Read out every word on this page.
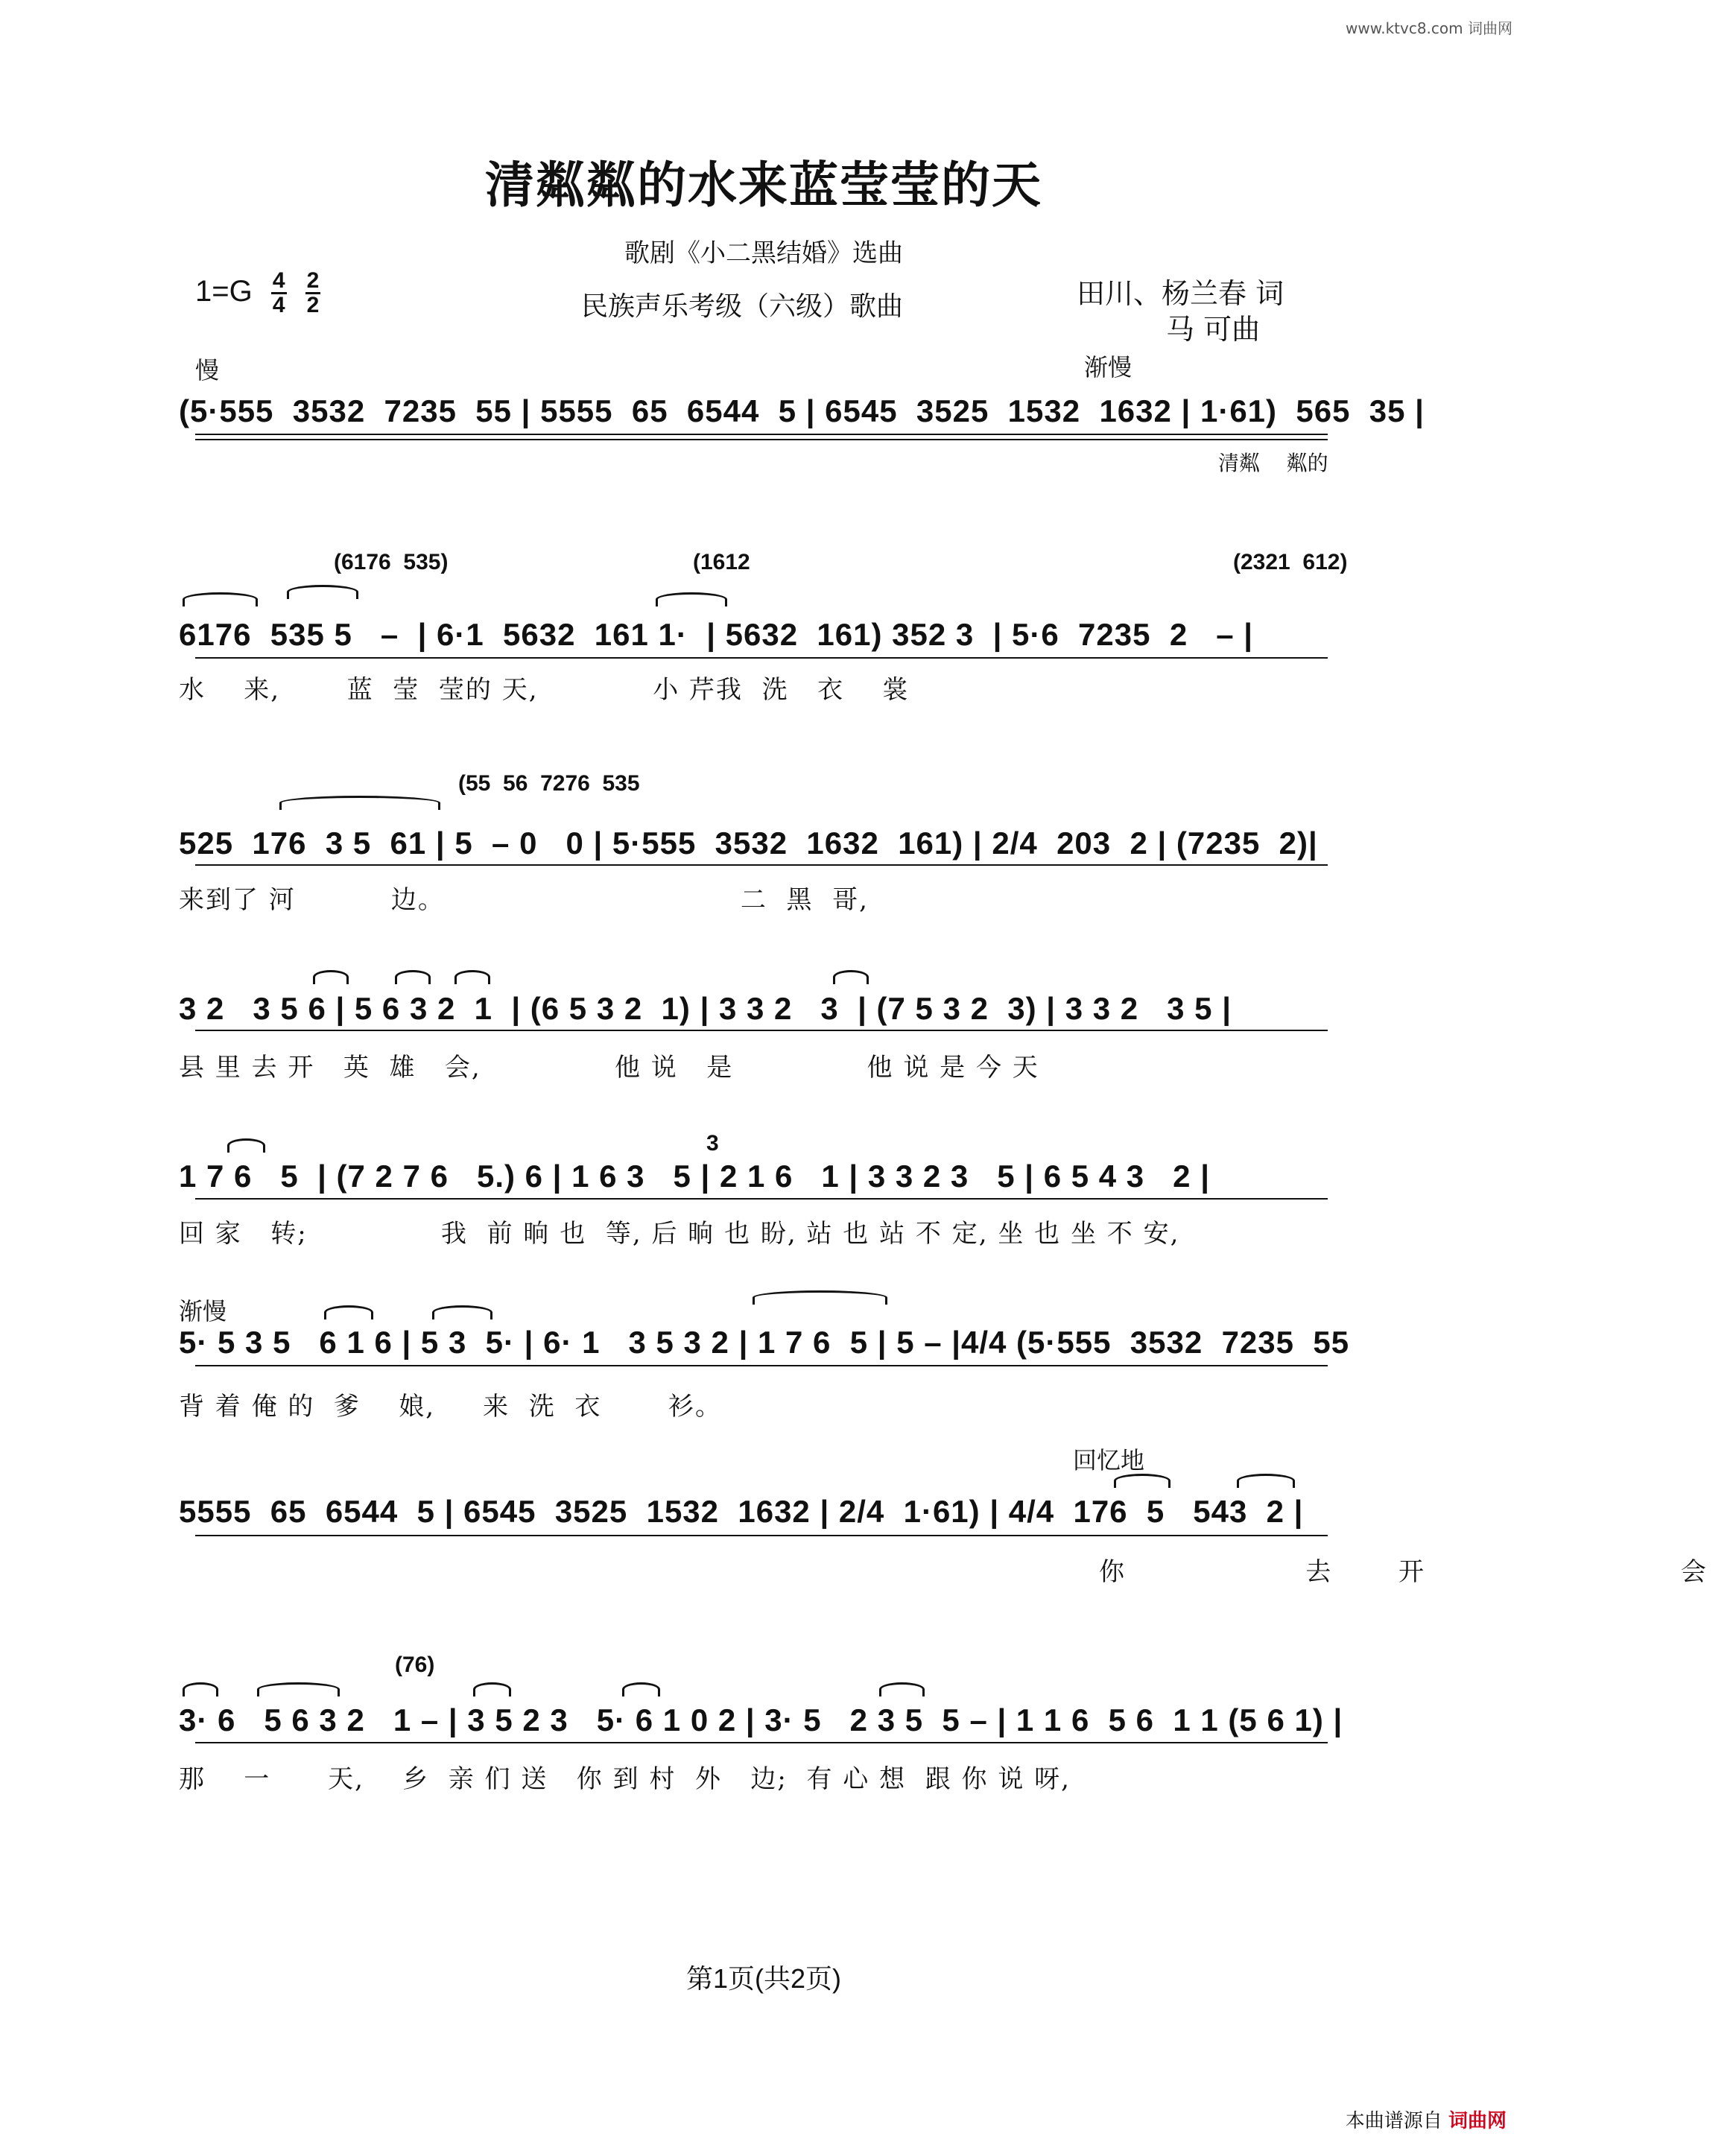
www.ktvc8.com 词曲网
清粼粼的水来蓝莹莹的天
歌剧《小二黑结婚》选曲
$1=G \frac{4}{4}$
$\frac{2}{2}$	民族声乐考级（六级）歌曲	田川、杨兰春 词
马 可曲
慢	渐慢
(5·555  3532  7235  55 | 5555  65  6544  5 | 6545  3525  1532  1632 | 1·61)  565  35 |
清粼    粼的
(6176  535)	(1612	(2321  612)
6176  535 5   –  | 6·1  5632  161 1·  | 5632  161) 352 3  | 5·6  7235  2   – |
水    来,       蓝  莹  莹的 天,            小 芹我  洗   衣    裳
(55  56  7276  535
525  176  3 5  61 | 5  – 0   0 | 5·555  3532  1632  161) | 2/4  203  2 | (7235  2)|
来到了 河          边。                               二  黑  哥,
3 2   3 5 6 | 5 6 3 2  1  | (6 5 3 2  1) | 3 3 2   3  | (7 5 3 2  3) | 3 3 2   3 5 |
县 里 去 开   英  雄   会,              他 说   是              他 说 是 今 天
3
1 7 6   5  | (7 2 7 6   5.) 6 | 1 6 3   5 | 2 1 6   1 | 3 3 2 3   5 | 6 5 4 3   2 |
回 家   转;              我  前 晌 也  等, 后 晌 也 盼, 站 也 站 不 定, 坐 也 坐 不 安,
渐慢
5· 5 3 5   6 1 6 | 5 3  5· | 6· 1   3 5 3 2 | 1 7 6  5 | 5 – |4/4 (5·555  3532  7235  55
背 着 俺 的  爹    娘,     来  洗  衣       衫。
回忆地
5555  65  6544  5 | 6545  3525  1532  1632 | 2/4  1·61) | 4/4  176  5   543  2 |
你    去 开      会
(76)
3· 6   5 6 3 2   1 – | 3 5 2 3   5· 6 1 0 2 | 3· 5   2 3 5  5 – | 1 1 6  5 6  1 1 (5 6 1) |
那    一      天,    乡  亲 们 送   你 到 村  外   边;  有 心 想  跟 你 说 呀,
第1页(共2页)
本曲谱源自 词曲网
